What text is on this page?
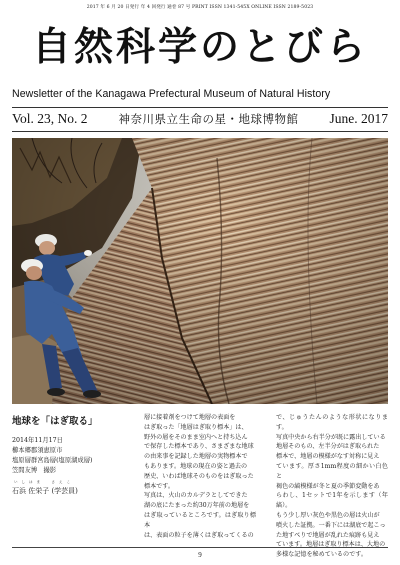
2017 年 6 月 20 日発行 年 4 回発行 通巻 87 号 PRINT ISSN 1341-545X ONLINE ISSN 2189-5023
自然科学のとびら
Newsletter of the Kanagawa Prefectural Museum of Natural History
Vol. 23, No. 2	神奈川県立生命の星・地球博物館 June. 2017
地球を「はぎ取る」
2014年11月17日
櫛本郷郡須恵原市
塩原層群宮島層(塩原湖成層)
笠間友博　撮影
いしはま　さえこ
石浜 佐栄子 (学芸員)

層に接着剤をつけて地層の表面を

はぎ取った「地層はぎ取り標本」は、

野外の層をそのまま室内へと持ち込ん

で保存した標本であり、さまざまな地球

の由来事を記録した地層の実物標本で

もあります。地球の現在の姿と過去の

歴史、いわば地球そのものをはぎ取った

標本です。

写真は、火山のカルデラとしてできた

湖の底にたまった約30万年前の地層を

はぎ取っているところです。はぎ取り標本

は、表面の粒子を薄くはぎ取ってくるの

で、じゅうたんのような形状になります。

写真中央から右半分が既に露出している

地層そのもの、左半分がはぎ取られた

標本で、地層の模様がなす対称に見え

ています。厚さ1mm程度の細かい白色と

褐色の縞模様が冬と夏の季節変動をあ

らわし、1セットで1年を示します（年縞）。

もう少し厚い灰色や黒色の層は火山が

噴火した証拠。一番下には湖底で起こっ

た地すべりで地層が乱れた痕跡も見え

ています。地層はぎ取り標本は、大地の

多様な記憶を秘めているのです。

9
